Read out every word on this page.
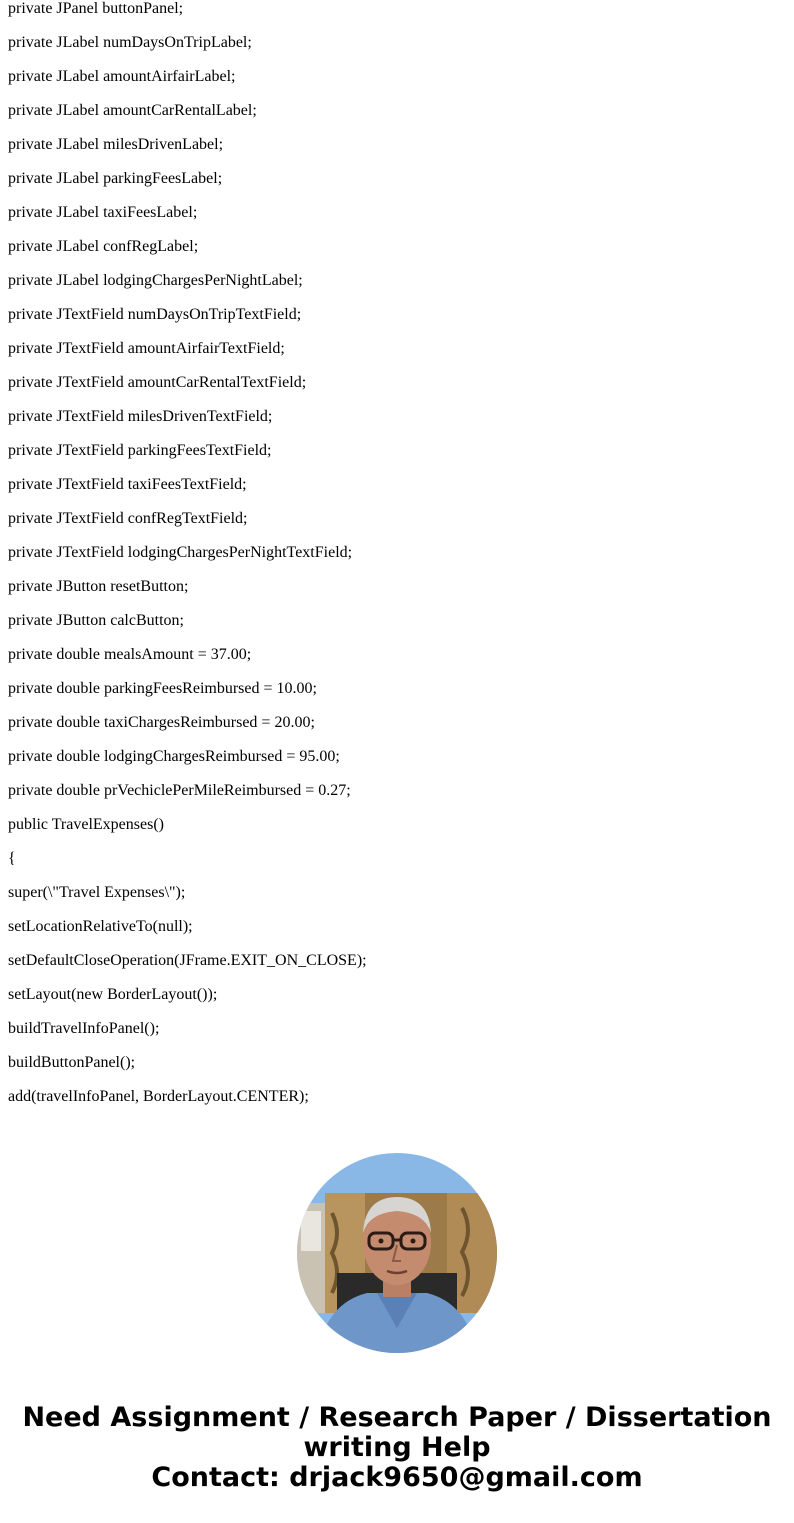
private JPanel buttonPanel;
private JLabel numDaysOnTripLabel;
private JLabel amountAirfairLabel;
private JLabel amountCarRentalLabel;
private JLabel milesDrivenLabel;
private JLabel parkingFeesLabel;
private JLabel taxiFeesLabel;
private JLabel confRegLabel;
private JLabel lodgingChargesPerNightLabel;
private JTextField numDaysOnTripTextField;
private JTextField amountAirfairTextField;
private JTextField amountCarRentalTextField;
private JTextField milesDrivenTextField;
private JTextField parkingFeesTextField;
private JTextField taxiFeesTextField;
private JTextField confRegTextField;
private JTextField lodgingChargesPerNightTextField;
private JButton resetButton;
private JButton calcButton;
private double mealsAmount = 37.00;
private double parkingFeesReimbursed = 10.00;
private double taxiChargesReimbursed = 20.00;
private double lodgingChargesReimbursed = 95.00;
private double prVechiclePerMileReimbursed = 0.27;
public TravelExpenses()
{
super(\"Travel Expenses\");
setLocationRelativeTo(null);
setDefaultCloseOperation(JFrame.EXIT_ON_CLOSE);
setLayout(new BorderLayout());
buildTravelInfoPanel();
buildButtonPanel();
add(travelInfoPanel, BorderLayout.CENTER);
Need Assignment / Research Paper / Dissertation
writing Help
Contact: drjack9650@gmail.com
